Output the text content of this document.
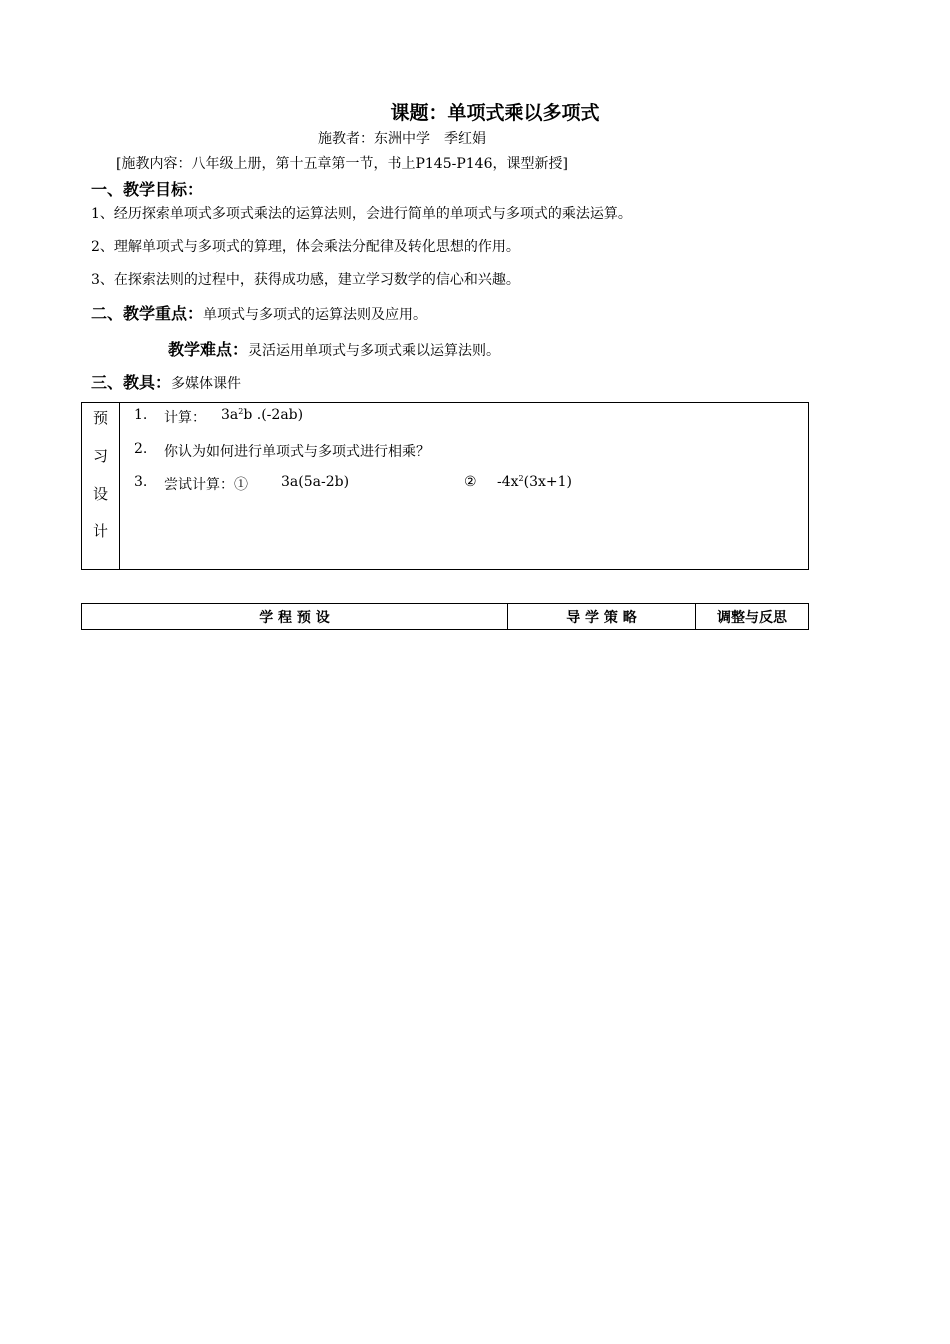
课题：单项式乘以多项式
施教者：东洲中学　季红娟
[施教内容：八年级上册，第十五章第一节，书上P145-P146，课型新授]
一、教学目标：
1、经历探索单项式多项式乘法的运算法则，会进行简单的单项式与多项式的乘法运算。
2、理解单项式与多项式的算理，体会乘法分配律及转化思想的作用。
3、在探索法则的过程中，获得成功感，建立学习数学的信心和兴趣。
二、教学重点：单项式与多项式的运算法则及应用。
教学难点：灵活运用单项式与多项式乘以运算法则。
三、教具：多媒体课件
预
习
设
计
1. 计算： $3a^2b$ .(-2ab)
2. 你认为如何进行单项式与多项式进行相乘？
3. 尝试计算：① 3a(5a-2b)	② $-4x^2(3x+1)$
学 程 预 设	导 学 策 略	调整与反思
